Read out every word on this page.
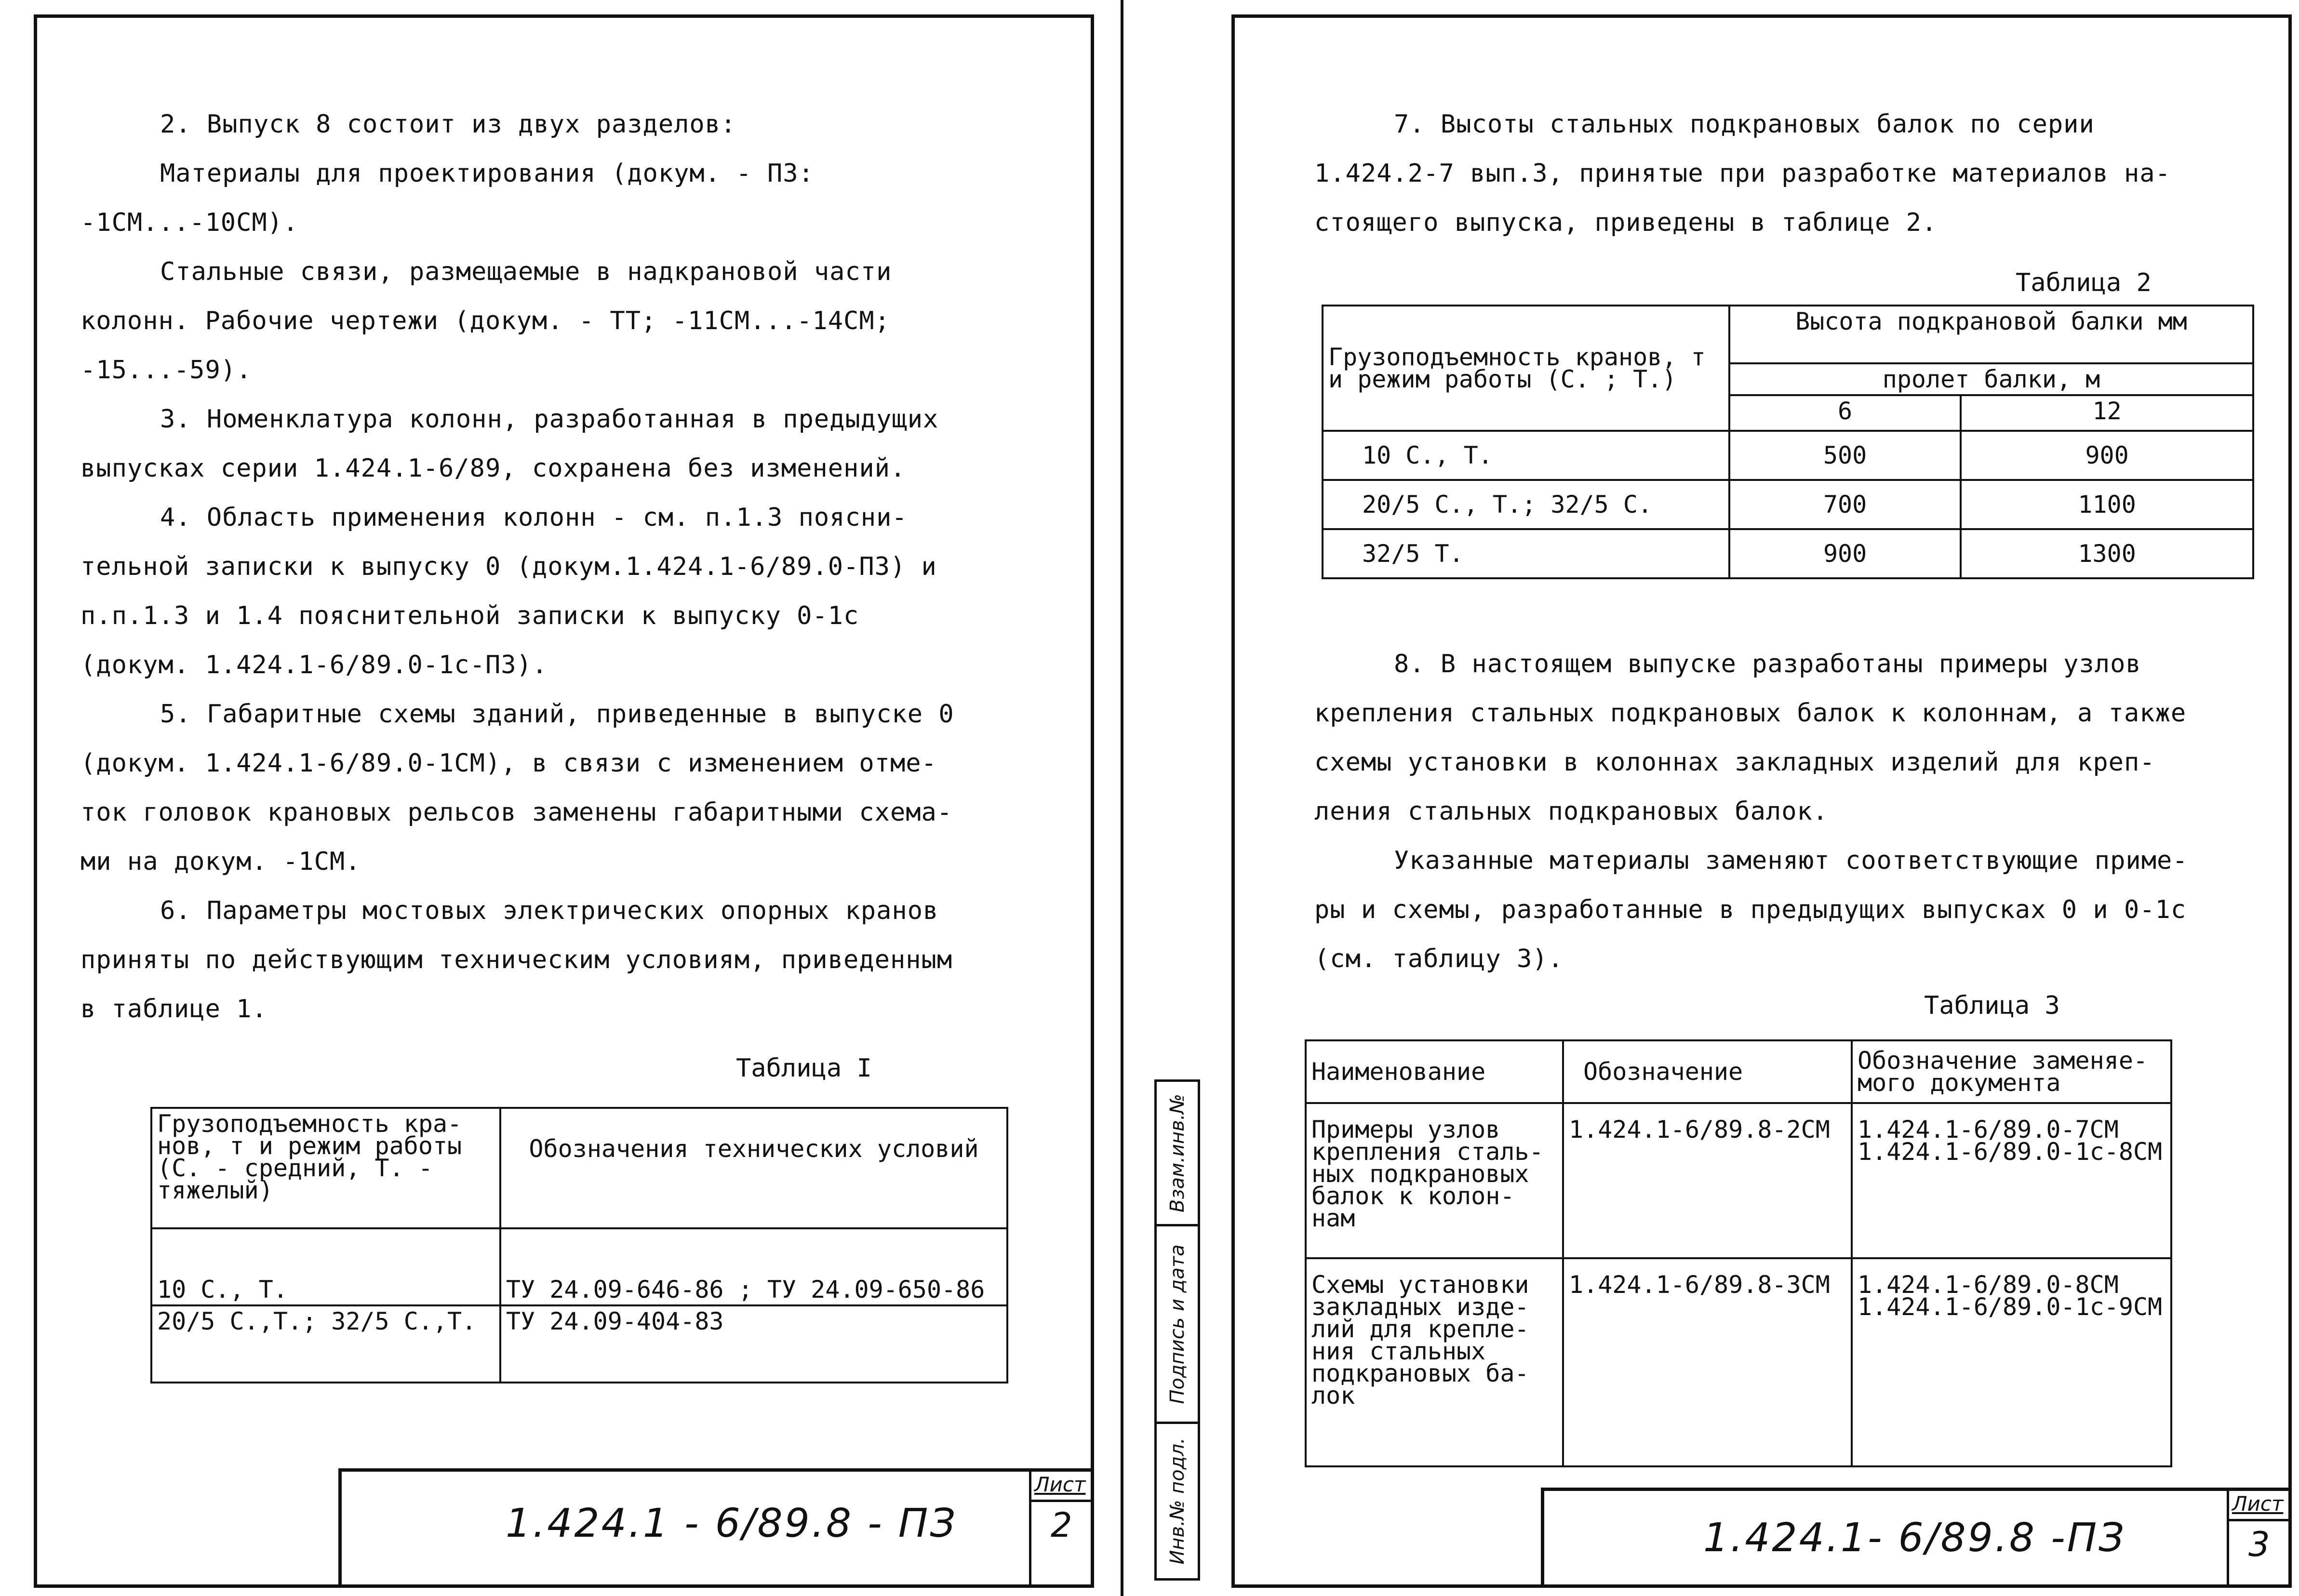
2. Выпуск 8 состоит из двух разделов:

Материалы для проектирования (докум. - ПЗ:

-1СМ...-10СМ).

Стальные связи, размещаемые в надкрановой части

колонн. Рабочие чертежи (докум. - ТТ; -11СМ...-14СМ;

-15...-59).

3. Номенклатура колонн, разработанная в предыдущих

выпусках серии 1.424.1-6/89, сохранена без изменений.

4. Область применения колонн - см. п.1.3 поясни-

тельной записки к выпуску 0 (докум.1.424.1-6/89.0-ПЗ) и

п.п.1.3 и 1.4 пояснительной записки к выпуску 0-1с

(докум. 1.424.1-6/89.0-1с-ПЗ).

5. Габаритные схемы зданий, приведенные в выпуске 0

(докум. 1.424.1-6/89.0-1СМ), в связи с изменением отме-

ток головок крановых рельсов заменены габаритными схема-

ми на докум. -1СМ.

6. Параметры мостовых электрических опорных кранов

приняты по действующим техническим условиям, приведенным

в таблице 1.

Таблица I
Грузоподъемность кра-нов, т и режим работы (С. - средний, Т. - тяжелый)	Обозначения технических условий
10 С., Т.	ТУ 24.09-646-86 ; ТУ 24.09-650-86
20/5 С.,Т.; 32/5 С.,Т.	ТУ 24.09-404-83
1.424.1 - 6/89.8 - ПЗ
Лист
2
Взам.инв.№
Подпись и дата
Инв.№ подл.

7. Высоты стальных подкрановых балок по серии

1.424.2-7 вып.3, принятые при разработке материалов на-

стоящего выпуска, приведены в таблице 2.

Таблица 2
Грузоподъемность кранов, т и режим работы (С. ; Т.)	Высота подкрановой балки мм	
	пролет балки, м	
	6	12
10 С., Т.	500	900
20/5 С., Т.; 32/5 С.	700	1100
32/5 Т.	900	1300

8. В настоящем выпуске разработаны примеры узлов

крепления стальных подкрановых балок к колоннам, а также

схемы установки в колоннах закладных изделий для креп-

ления стальных подкрановых балок.

Указанные материалы заменяют соответствующие приме-

ры и схемы, разработанные в предыдущих выпусках 0 и 0-1с

(см. таблицу 3).

Таблица 3
Наименование	Обозначение	Обозначение заменяе-мого документа
Примеры узлов крепления сталь-ных подкрановых балок к колон-нам	1.424.1-6/89.8-2СМ	1.424.1-6/89.0-7СМ
1.424.1-6/89.0-1с-8СМ
Схемы установки закладных изде-лий для крепле-ния стальных подкрановых ба-лок	1.424.1-6/89.8-3СМ	1.424.1-6/89.0-8СМ
1.424.1-6/89.0-1с-9СМ
1.424.1- 6/89.8 -ПЗ
Лист
3
